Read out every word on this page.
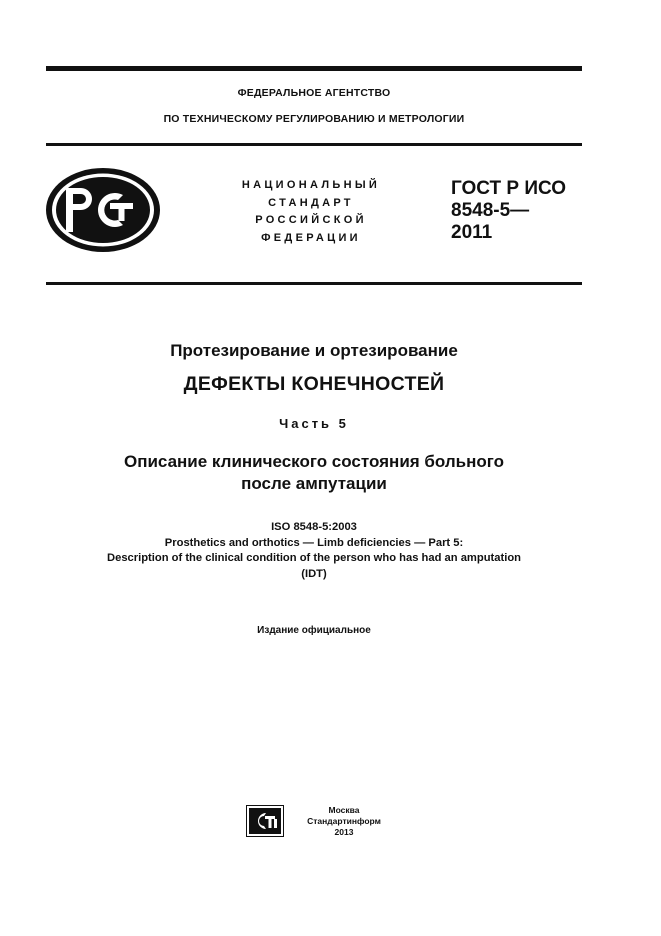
ФЕДЕРАЛЬНОЕ АГЕНТСТВО
ПО ТЕХНИЧЕСКОМУ РЕГУЛИРОВАНИЮ И МЕТРОЛОГИИ
НАЦИОНАЛЬНЫЙ
СТАНДАРТ
РОССИЙСКОЙ
ФЕДЕРАЦИИ
ГОСТ Р ИСО
8548-5—
2011
Протезирование и ортезирование
ДЕФЕКТЫ КОНЕЧНОСТЕЙ
Часть 5
Описание клинического состояния больного
после ампутации
ISO 8548-5:2003
Prosthetics and orthotics — Limb deficiencies — Part 5:
Description of the clinical condition of the person who has had an amputation
(IDT)
Издание официальное
Москва
Стандартинформ
2013
